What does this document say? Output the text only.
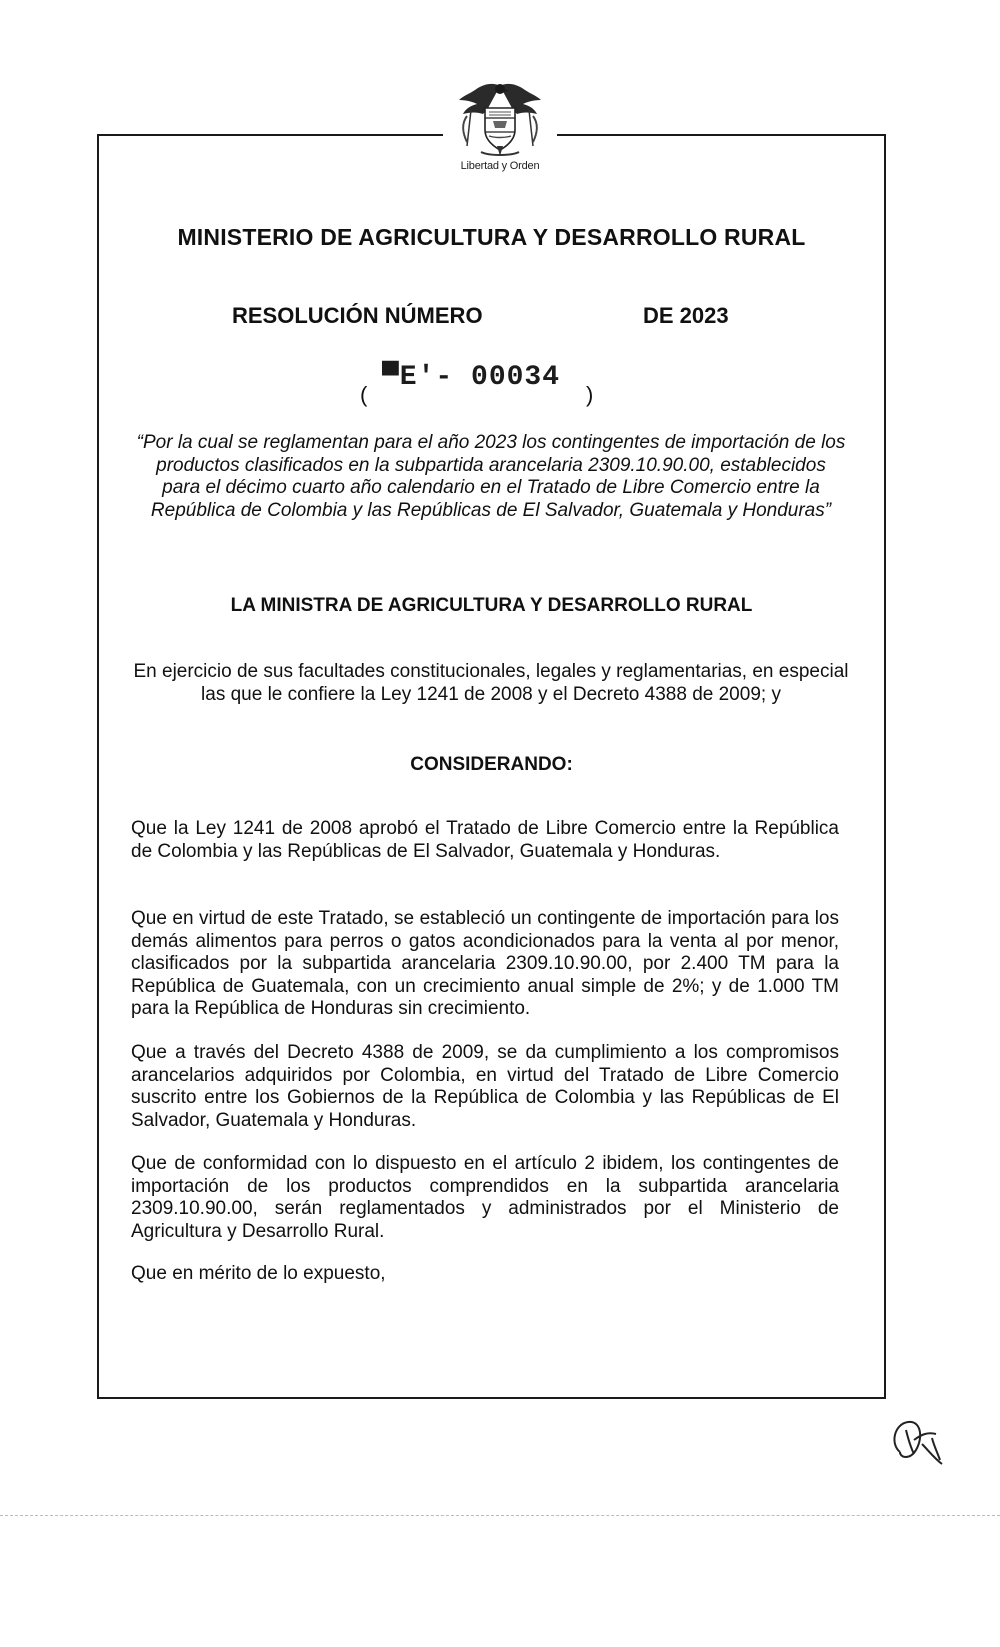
Libertad y Orden
MINISTERIO DE AGRICULTURA Y DESARROLLO RURAL
RESOLUCIÓN NÚMERO	DE 2023
(
▀E'- 00034
)
“Por la cual se reglamentan para el año 2023 los contingentes de importación de los productos clasificados en la subpartida arancelaria 2309.10.90.00, establecidos para el décimo cuarto año calendario en el Tratado de Libre Comercio entre la República de Colombia y las Repúblicas de El Salvador, Guatemala y Honduras”
LA MINISTRA DE AGRICULTURA Y DESARROLLO RURAL
En ejercicio de sus facultades constitucionales, legales y reglamentarias, en especial las que le confiere la Ley 1241 de 2008 y el Decreto 4388 de 2009; y
CONSIDERANDO:
Que la Ley 1241 de 2008 aprobó el Tratado de Libre Comercio entre la República de Colombia y las Repúblicas de El Salvador, Guatemala y Honduras.
Que en virtud de este Tratado, se estableció un contingente de importación para los demás alimentos para perros o gatos acondicionados para la venta al por menor, clasificados por la subpartida arancelaria 2309.10.90.00, por 2.400 TM para la República de Guatemala, con un crecimiento anual simple de 2%; y de 1.000 TM para la República de Honduras sin crecimiento.
Que a través del Decreto 4388 de 2009, se da cumplimiento a los compromisos arancelarios adquiridos por Colombia, en virtud del Tratado de Libre Comercio suscrito entre los Gobiernos de la República de Colombia y las Repúblicas de El Salvador, Guatemala y Honduras.
Que de conformidad con lo dispuesto en el artículo 2 ibidem, los contingentes de importación de los productos comprendidos en la subpartida arancelaria 2309.10.90.00, serán reglamentados y administrados por el Ministerio de Agricultura y Desarrollo Rural.
Que en mérito de lo expuesto,
